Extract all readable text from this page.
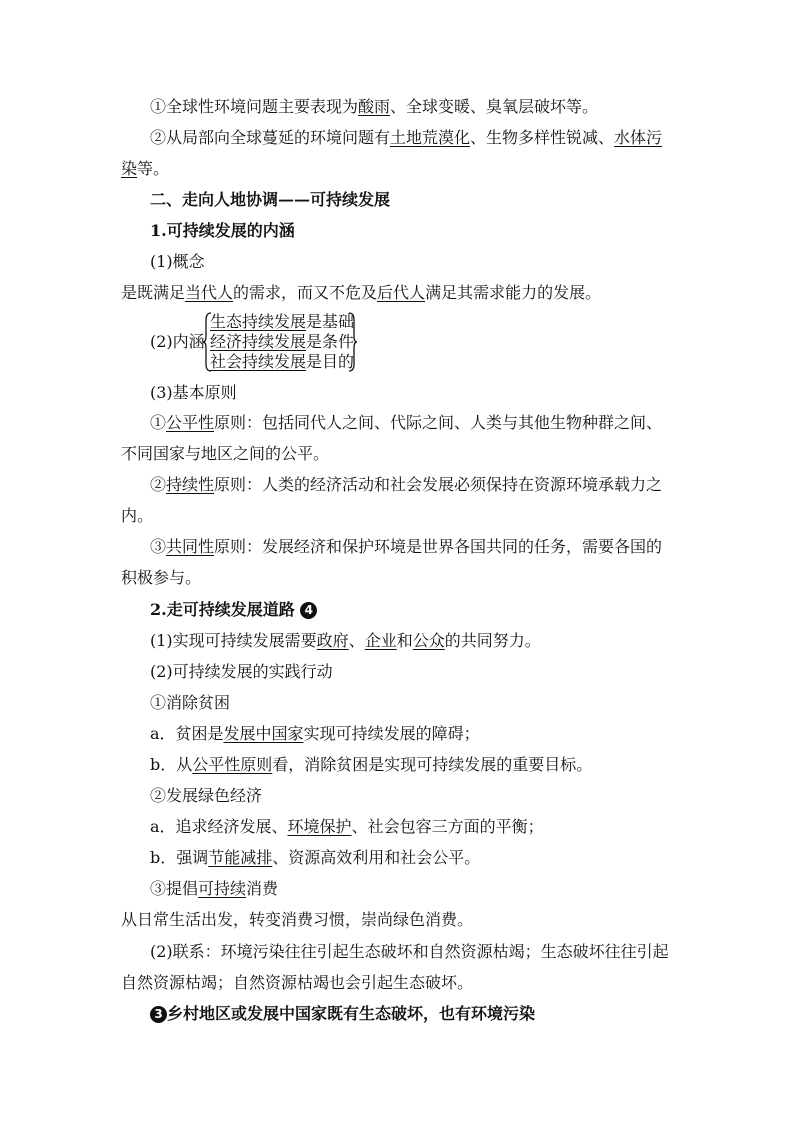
①全球性环境问题主要表现为酸雨、全球变暖、臭氧层破坏等。
②从局部向全球蔓延的环境问题有土地荒漠化、生物多样性锐减、水体污
染等。
二、走向人地协调——可持续发展
1.可持续发展的内涵
(1)概念
是既满足当代人的需求，而又不危及后代人满足其需求能力的发展。
(2)内涵
生态持续发展是基础
经济持续发展是条件
社会持续发展是目的
(3)基本原则
①公平性原则：包括同代人之间、代际之间、人类与其他生物种群之间、
不同国家与地区之间的公平。
②持续性原则：人类的经济活动和社会发展必须保持在资源环境承载力之
内。
③共同性原则：发展经济和保护环境是世界各国共同的任务，需要各国的
积极参与。
2.走可持续发展道路 4
(1)实现可持续发展需要政府、企业和公众的共同努力。
(2)可持续发展的实践行动
①消除贫困
a．贫困是发展中国家实现可持续发展的障碍；
b．从公平性原则看，消除贫困是实现可持续发展的重要目标。
②发展绿色经济
a．追求经济发展、环境保护、社会包容三方面的平衡；
b．强调节能减排、资源高效利用和社会公平。
③提倡可持续消费
从日常生活出发，转变消费习惯，崇尚绿色消费。
(2)联系：环境污染往往引起生态破坏和自然资源枯竭；生态破坏往往引起
自然资源枯竭；自然资源枯竭也会引起生态破坏。
3 乡村地区或发展中国家既有生态破坏，也有环境污染
